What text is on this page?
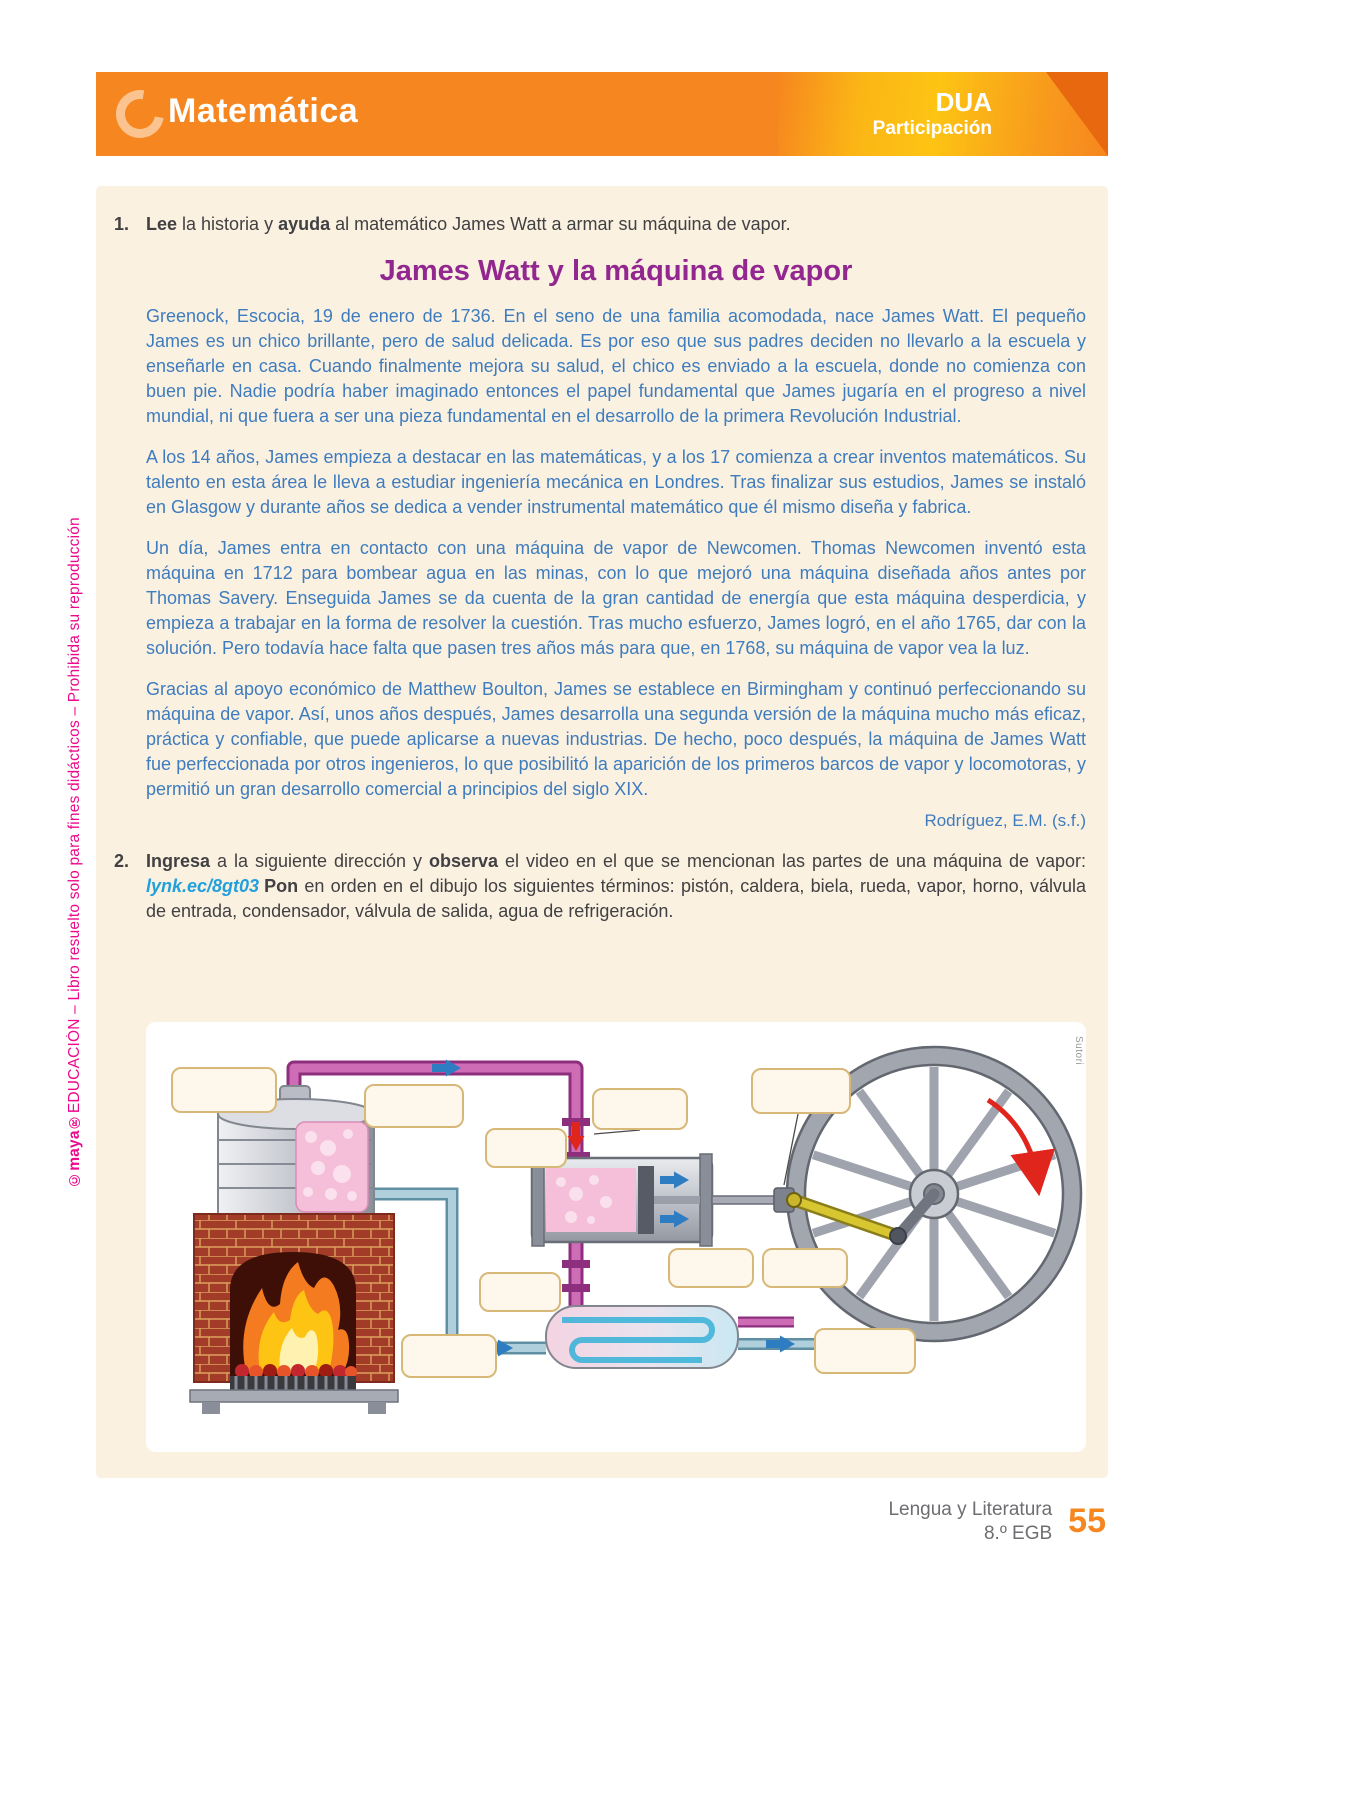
©maya®EDUCACIÓN – Libro resuelto solo para fines didácticos – Prohibida su reproducción
Matemática	DUA
Participación
1. Lee la historia y ayuda al matemático James Watt a armar su máquina de vapor.
James Watt y la máquina de vapor

Greenock, Escocia, 19 de enero de 1736. En el seno de una familia acomodada, nace James Watt. El pequeño James es un chico brillante, pero de salud delicada. Es por eso que sus padres deciden no llevarlo a la escuela y enseñarle en casa. Cuando finalmente mejora su salud, el chico es enviado a la escuela, donde no comienza con buen pie. Nadie podría haber imaginado entonces el papel fundamental que James jugaría en el progreso a nivel mundial, ni que fuera a ser una pieza fundamental en el desarrollo de la primera Revolución Industrial.

A los 14 años, James empieza a destacar en las matemáticas, y a los 17 comienza a crear inventos matemáticos. Su talento en esta área le lleva a estudiar ingeniería mecánica en Londres. Tras finalizar sus estudios, James se instaló en Glasgow y durante años se dedica a vender instrumental matemático que él mismo diseña y fabrica.

Un día, James entra en contacto con una máquina de vapor de Newcomen. Thomas Newcomen inventó esta máquina en 1712 para bombear agua en las minas, con lo que mejoró una máquina diseñada años antes por Thomas Savery. Enseguida James se da cuenta de la gran cantidad de energía que esta máquina desperdicia, y empieza a trabajar en la forma de resolver la cuestión. Tras mucho esfuerzo, James logró, en el año 1765, dar con la solución. Pero todavía hace falta que pasen tres años más para que, en 1768, su máquina de vapor vea la luz.

Gracias al apoyo económico de Matthew Boulton, James se establece en Birmingham y continuó perfeccionando su máquina de vapor. Así, unos años después, James desarrolla una segunda versión de la máquina mucho más eficaz, práctica y confiable, que puede aplicarse a nuevas industrias. De hecho, poco después, la máquina de James Watt fue perfeccionada por otros ingenieros, lo que posibilitó la aparición de los primeros barcos de vapor y locomotoras, y permitió un gran desarrollo comercial a principios del siglo XIX.

Rodríguez, E.M. (s.f.)
2. Ingresa a la siguiente dirección y observa el video en el que se mencionan las partes de una máquina de vapor: lynk.ec/8gt03 Pon en orden en el dibujo los siguientes términos: pistón, caldera, biela, rueda, vapor, horno, válvula de entrada, condensador, válvula de salida, agua de refrigeración.
Sutori
Lengua y Literatura
8.º EGB 55
